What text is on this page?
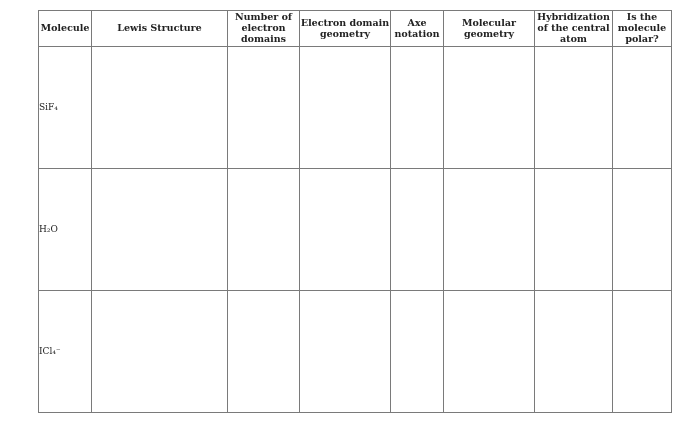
Molecule	Lewis Structure	Number of electron domains	Electron domain geometry	Axe notation	Molecular geometry	Hybridization of the central atom	Is the molecule polar?
SiF₄							
H₂O							
ICl₄⁻							
